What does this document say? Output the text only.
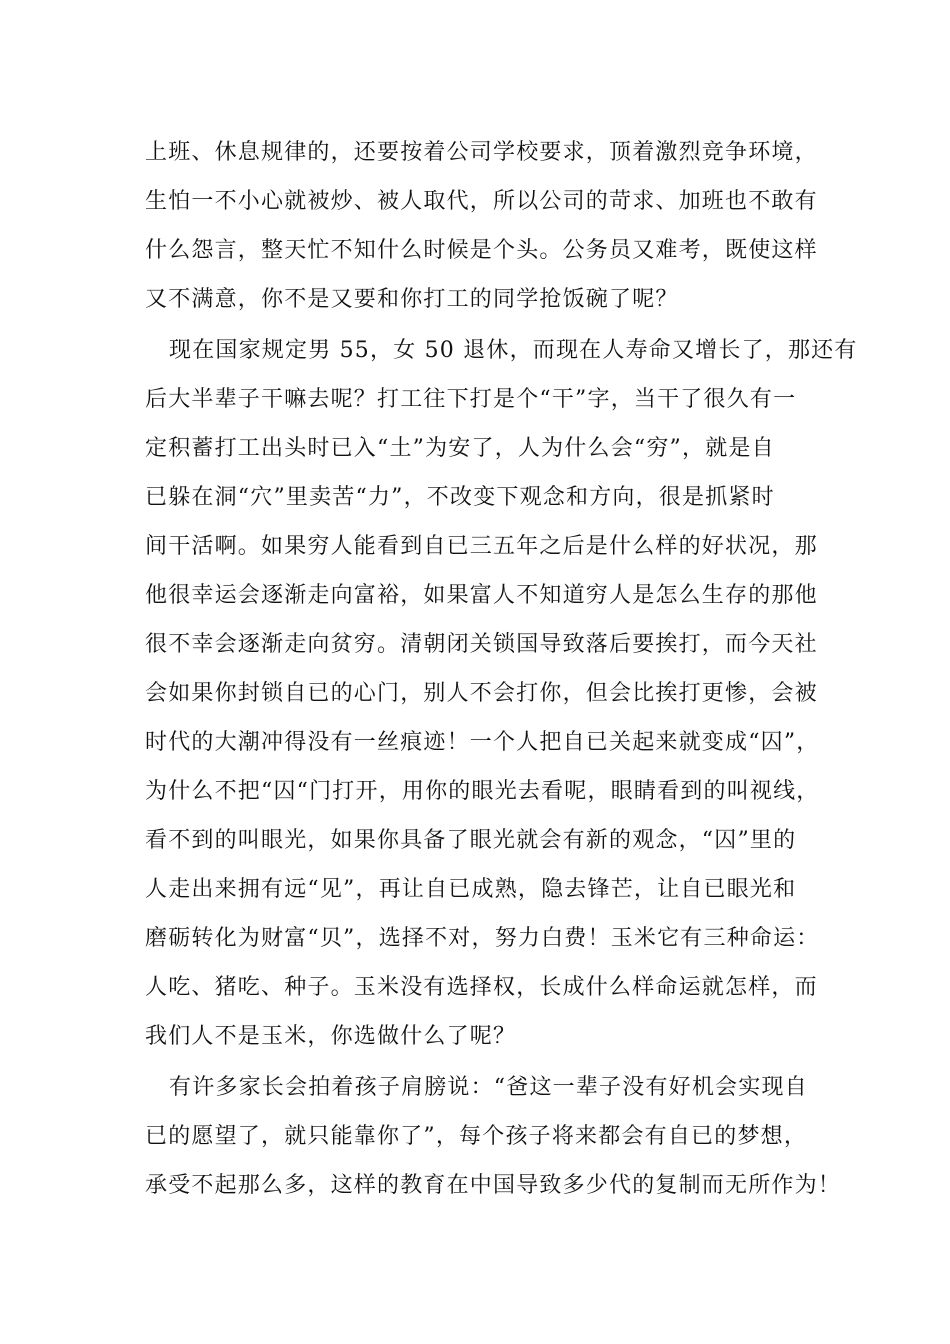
上班、休息规律的，还要按着公司学校要求，顶着激烈竞争环境，
生怕一不小心就被炒、被人取代，所以公司的苛求、加班也不敢有
什么怨言，整天忙不知什么时候是个头。公务员又难考，既使这样
又不满意，你不是又要和你打工的同学抢饭碗了呢？
现在国家规定男 55，女 50 退休，而现在人寿命又增长了，那还有
后大半辈子干嘛去呢？打工往下打是个“干”字，当干了很久有一
定积蓄打工出头时已入“土”为安了，人为什么会“穷”，就是自
已躲在洞“穴”里卖苦“力”，不改变下观念和方向，很是抓紧时
间干活啊。如果穷人能看到自已三五年之后是什么样的好状况，那
他很幸运会逐渐走向富裕，如果富人不知道穷人是怎么生存的那他
很不幸会逐渐走向贫穷。清朝闭关锁国导致落后要挨打，而今天社
会如果你封锁自已的心门，别人不会打你，但会比挨打更惨，会被
时代的大潮冲得没有一丝痕迹！一个人把自已关起来就变成“囚”，
为什么不把“囚“门打开，用你的眼光去看呢，眼睛看到的叫视线，
看不到的叫眼光，如果你具备了眼光就会有新的观念，“囚”里的
人走出来拥有远“见”，再让自已成熟，隐去锋芒，让自已眼光和
磨砺转化为财富“贝”，选择不对，努力白费！玉米它有三种命运：
人吃、猪吃、种子。玉米没有选择权，长成什么样命运就怎样，而
我们人不是玉米，你选做什么了呢？
有许多家长会拍着孩子肩膀说：“爸这一辈子没有好机会实现自
已的愿望了，就只能靠你了”，每个孩子将来都会有自已的梦想，
承受不起那么多，这样的教育在中国导致多少代的复制而无所作为！
